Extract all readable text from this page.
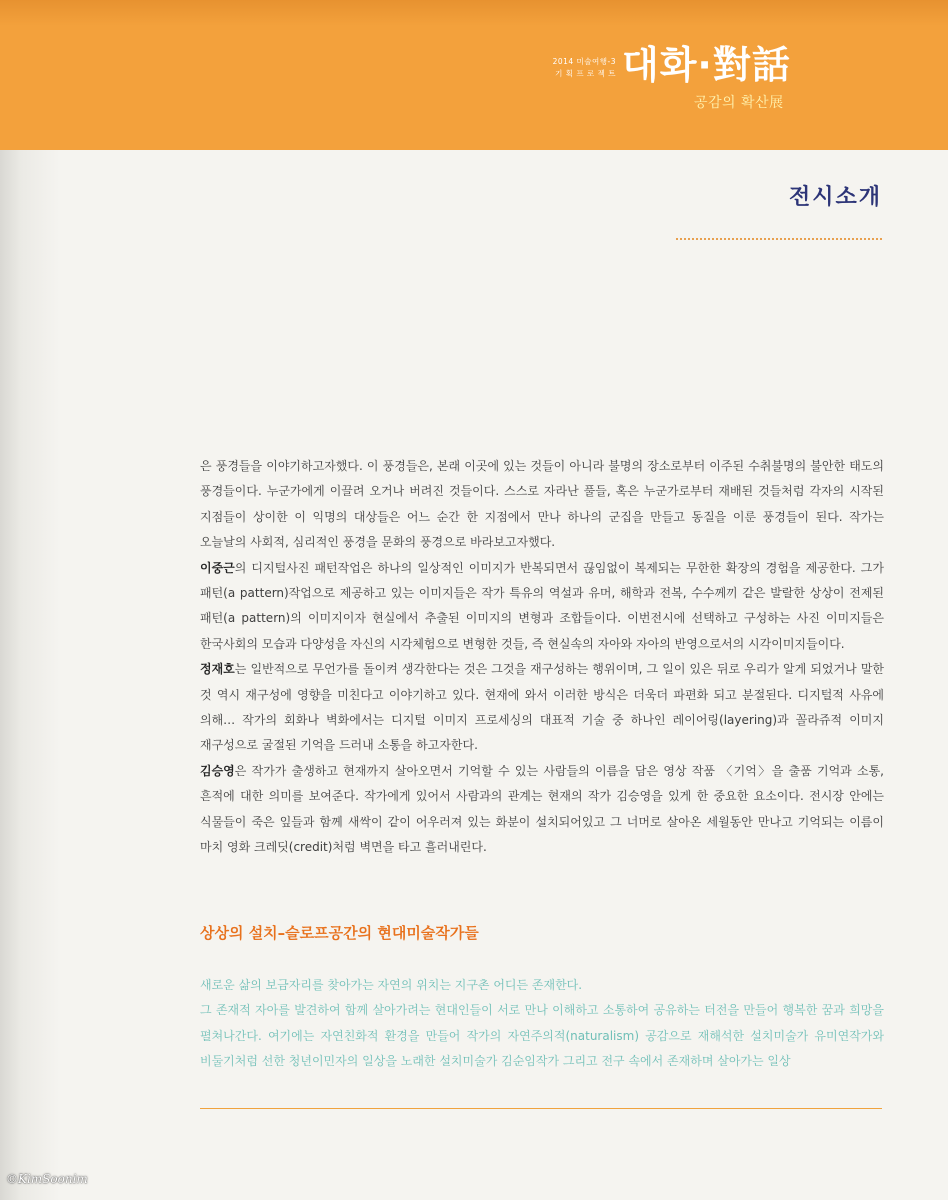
2014 미술여행-3
기 획 프 로 젝 트 대화·對話
공감의 확산展
전시소개

은 풍경들을 이야기하고자했다. 이 풍경들은, 본래 이곳에 있는 것들이 아니라 불명의 장소로부터 이주된 수취불명의 불안한 태도의 풍경들이다. 누군가에게 이끌려 오거나 버려진 것들이다. 스스로 자라난 풀들, 혹은 누군가로부터 재배된 것들처럼 각자의 시작된 지점들이 상이한 이 익명의 대상들은 어느 순간 한 지점에서 만나 하나의 군집을 만들고 동질을 이룬 풍경들이 된다. 작가는 오늘날의 사회적, 심리적인 풍경을 문화의 풍경으로 바라보고자했다.

이중근의 디지털사진 패턴작업은 하나의 일상적인 이미지가 반복되면서 끊임없이 복제되는 무한한 확장의 경험을 제공한다. 그가 패턴(a pattern)작업으로 제공하고 있는 이미지들은 작가 특유의 역설과 유머, 해학과 전복, 수수께끼 같은 발랄한 상상이 전제된 패턴(a pattern)의 이미지이자 현실에서 추출된 이미지의 변형과 조합들이다. 이번전시에 선택하고 구성하는 사진 이미지들은 한국사회의 모습과 다양성을 자신의 시각체험으로 변형한 것들, 즉 현실속의 자아와 자아의 반영으로서의 시각이미지들이다.

정재호는 일반적으로 무언가를 돌이켜 생각한다는 것은 그것을 재구성하는 행위이며, 그 일이 있은 뒤로 우리가 알게 되었거나 말한 것 역시 재구성에 영향을 미친다고 이야기하고 있다. 현재에 와서 이러한 방식은 더욱더 파편화 되고 분절된다. 디지털적 사유에 의해… 작가의 회화나 벽화에서는 디지털 이미지 프로세싱의 대표적 기술 중 하나인 레이어링(layering)과 꼴라쥬적 이미지 재구성으로 굴절된 기억을 드러내 소통을 하고자한다.

김승영은 작가가 출생하고 현재까지 살아오면서 기억할 수 있는 사람들의 이름을 담은 영상 작품 〈기억〉을 출품 기억과 소통, 흔적에 대한 의미를 보여준다. 작가에게 있어서 사람과의 관계는 현재의 작가 김승영을 있게 한 중요한 요소이다. 전시장 안에는 식물들이 죽은 잎들과 함께 새싹이 같이 어우러져 있는 화분이 설치되어있고 그 너머로 살아온 세월동안 만나고 기억되는 이름이 마치 영화 크레딧(credit)처럼 벽면을 타고 흘러내린다.

상상의 설치–슬로프공간의 현대미술작가들

새로운 삶의 보금자리를 찾아가는 자연의 위치는 지구촌 어디든 존재한다.

그 존재적 자아를 발견하여 함께 살아가려는 현대인들이 서로 만나 이해하고 소통하여 공유하는 터전을 만들어 행복한 꿈과 희망을 펼쳐나간다. 여기에는 자연친화적 환경을 만들어 작가의 자연주의적(naturalism) 공감으로 재해석한 설치미술가 유미연작가와 비둘기처럼 선한 청년이민자의 일상을 노래한 설치미술가 김순임작가 그리고 전구 속에서 존재하며 살아가는 일상

©KimSoonim
